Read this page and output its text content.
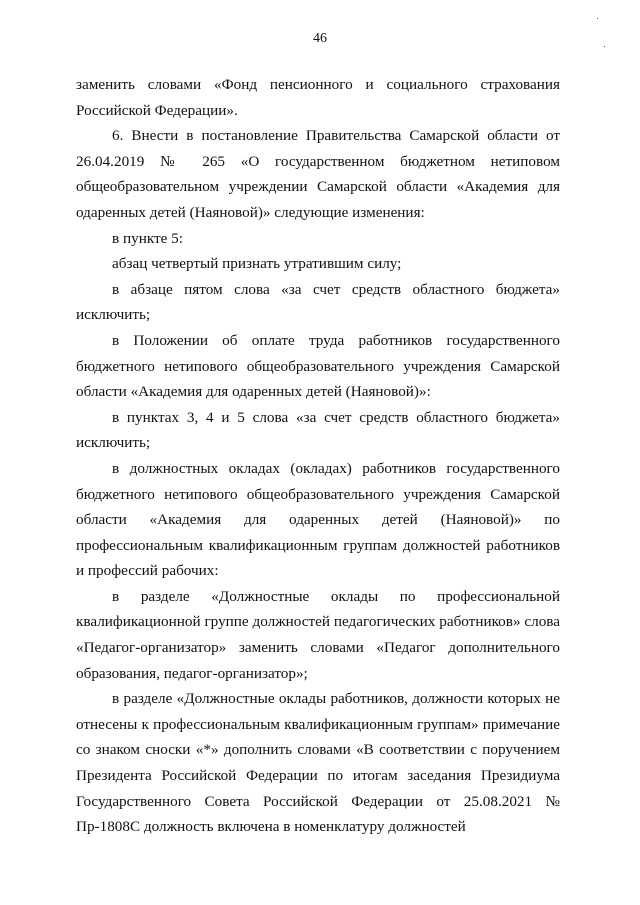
46

заменить словами «Фонд пенсионного и социального страхования Российской Федерации».

6. Внести в постановление Правительства Самарской области от 26.04.2019 № 265 «О государственном бюджетном нетиповом общеобразовательном учреждении Самарской области «Академия для одаренных детей (Наяновой)» следующие изменения:

в пункте 5:

абзац четвертый признать утратившим силу;

в абзаце пятом слова «за счет средств областного бюджета» исключить;

в Положении об оплате труда работников государственного бюджетного нетипового общеобразовательного учреждения Самарской области «Академия для одаренных детей (Наяновой)»:

в пунктах 3, 4 и 5 слова «за счет средств областного бюджета» исключить;

в должностных окладах (окладах) работников государственного бюджетного нетипового общеобразовательного учреждения Самарской области «Академия для одаренных детей (Наяновой)» по профессиональным квалификационным группам должностей работников и профессий рабочих:

в разделе «Должностные оклады по профессиональной квалификационной группе должностей педагогических работников» слова «Педагог-организатор» заменить словами «Педагог дополнительного образования, педагог-организатор»;

в разделе «Должностные оклады работников, должности которых не отнесены к профессиональным квалификационным группам» примечание со знаком сноски «*» дополнить словами «В соответствии с поручением Президента Российской Федерации по итогам заседания Президиума Государственного Совета Российской Федерации от 25.08.2021 № Пр-1808С должность включена в номенклатуру должностей
